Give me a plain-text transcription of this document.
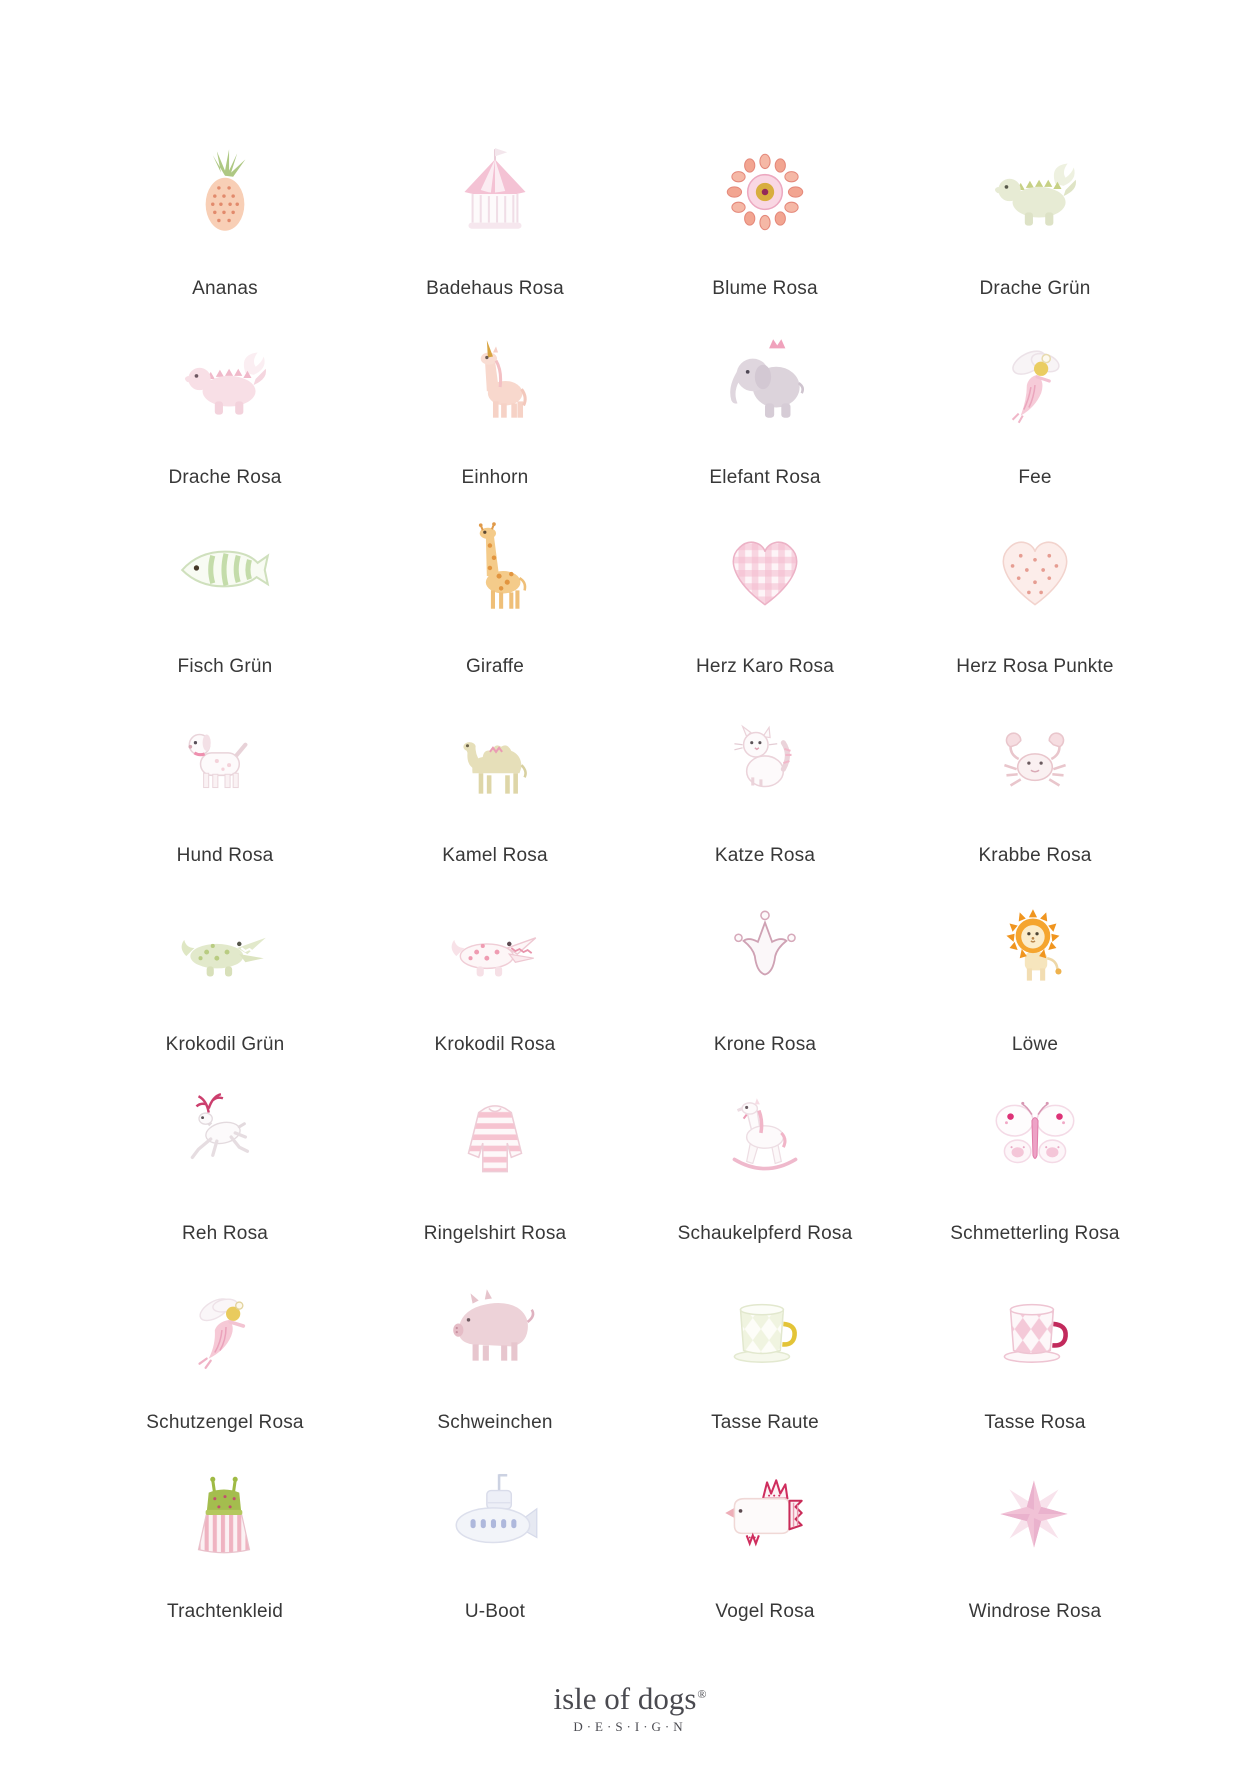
Ananas	Badehaus Rosa	Blume Rosa	Drache Grün
Drache Rosa	Einhorn	Elefant Rosa	Fee
Fisch Grün	Giraffe	Herz Karo Rosa	Herz Rosa Punkte
Hund Rosa	Kamel Rosa	Katze Rosa	Krabbe Rosa
Krokodil Grün	Krokodil Rosa	Krone Rosa	Löwe
Reh Rosa	Ringelshirt Rosa	Schaukelpferd Rosa	Schmetterling Rosa
Schutzengel Rosa	Schweinchen	Tasse Raute	Tasse Rosa
Trachtenkleid	U-Boot	Vogel Rosa	Windrose Rosa
isle of dogs®
D·E·S·I·G·N
